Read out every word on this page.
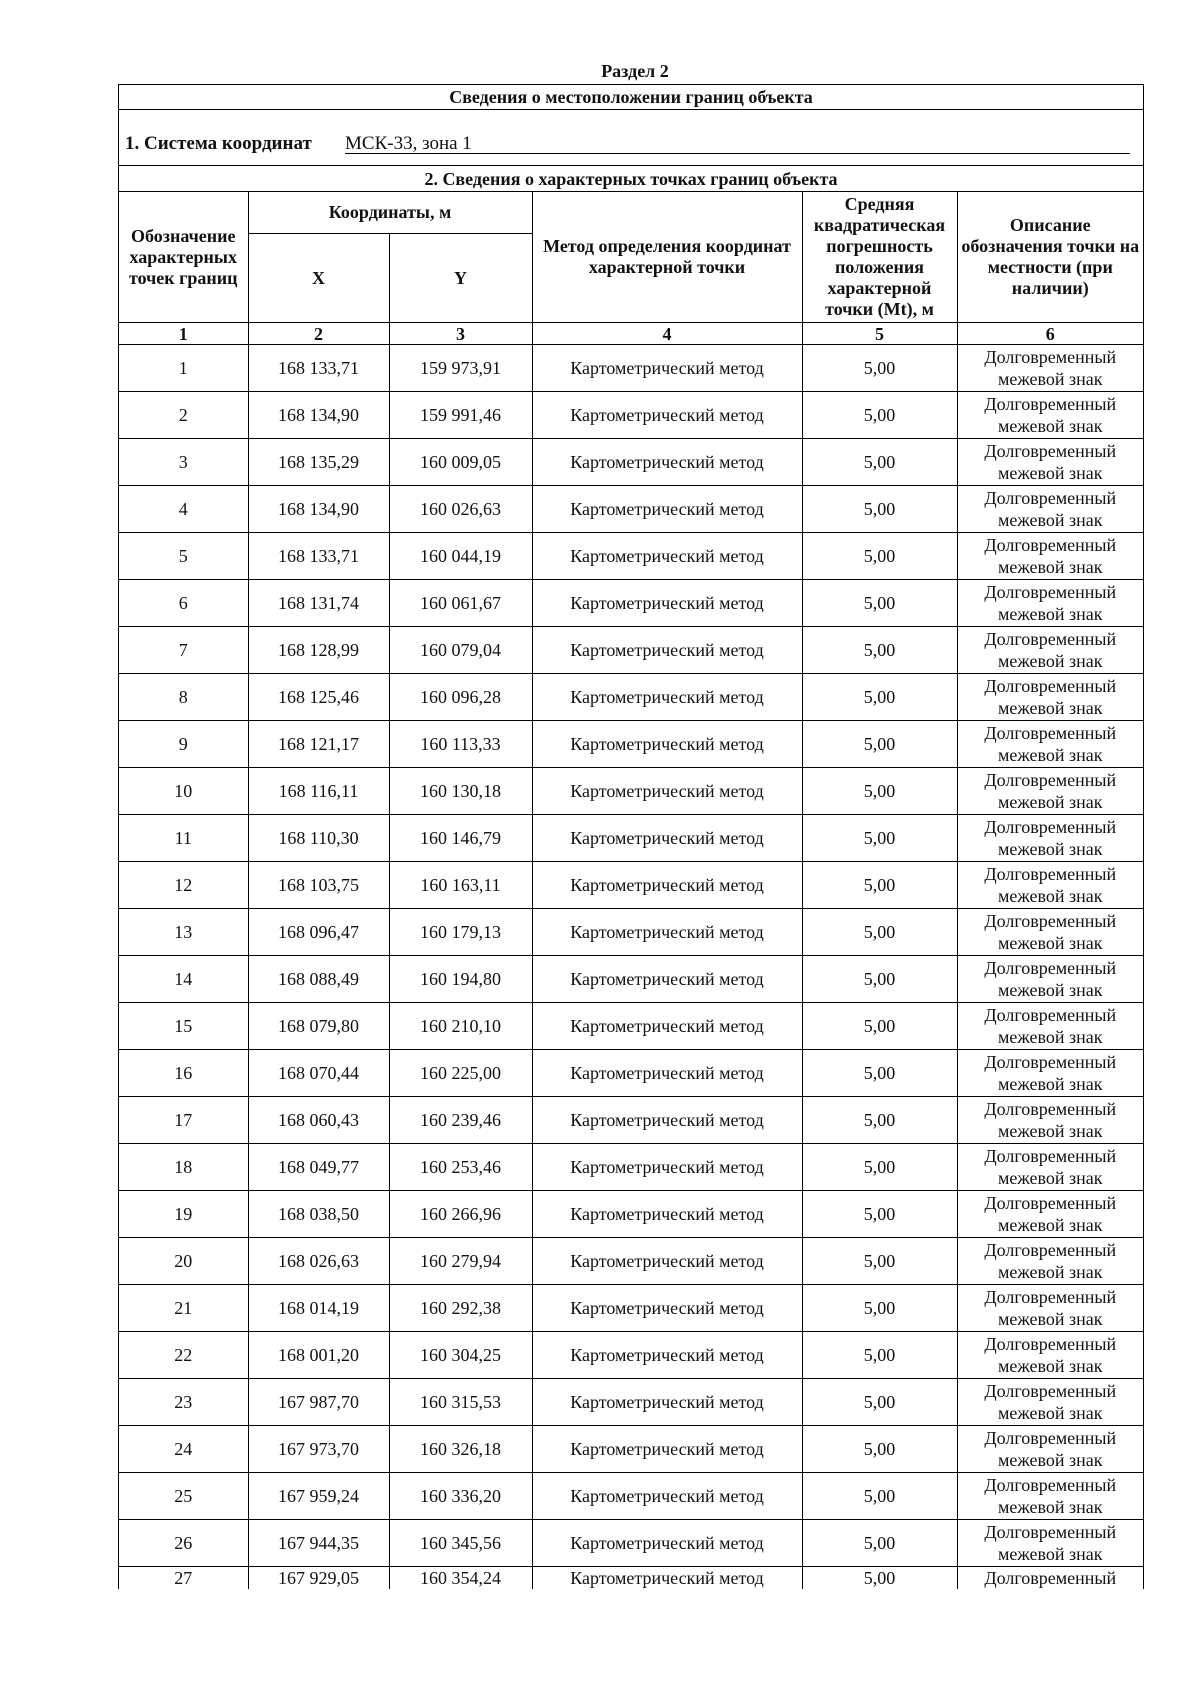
Раздел 2
Сведения о местоположении границ объекта
1. Система координат МСК-33, зона 1
2. Сведения о характерных точках границ объекта
Обозначение характерных точек границ	Координаты, м		Метод определения координат характерной точки	Средняя квадратическая погрешность положения характерной точки (Mt), м	Описание обозначения точки на местности (при наличии)
	X	Y			
1	2	3	4	5	6
1	168 133,71	159 973,91	Картометрический метод	5,00	Долговременный межевой знак
2	168 134,90	159 991,46	Картометрический метод	5,00	Долговременный межевой знак
3	168 135,29	160 009,05	Картометрический метод	5,00	Долговременный межевой знак
4	168 134,90	160 026,63	Картометрический метод	5,00	Долговременный межевой знак
5	168 133,71	160 044,19	Картометрический метод	5,00	Долговременный межевой знак
6	168 131,74	160 061,67	Картометрический метод	5,00	Долговременный межевой знак
7	168 128,99	160 079,04	Картометрический метод	5,00	Долговременный межевой знак
8	168 125,46	160 096,28	Картометрический метод	5,00	Долговременный межевой знак
9	168 121,17	160 113,33	Картометрический метод	5,00	Долговременный межевой знак
10	168 116,11	160 130,18	Картометрический метод	5,00	Долговременный межевой знак
11	168 110,30	160 146,79	Картометрический метод	5,00	Долговременный межевой знак
12	168 103,75	160 163,11	Картометрический метод	5,00	Долговременный межевой знак
13	168 096,47	160 179,13	Картометрический метод	5,00	Долговременный межевой знак
14	168 088,49	160 194,80	Картометрический метод	5,00	Долговременный межевой знак
15	168 079,80	160 210,10	Картометрический метод	5,00	Долговременный межевой знак
16	168 070,44	160 225,00	Картометрический метод	5,00	Долговременный межевой знак
17	168 060,43	160 239,46	Картометрический метод	5,00	Долговременный межевой знак
18	168 049,77	160 253,46	Картометрический метод	5,00	Долговременный межевой знак
19	168 038,50	160 266,96	Картометрический метод	5,00	Долговременный межевой знак
20	168 026,63	160 279,94	Картометрический метод	5,00	Долговременный межевой знак
21	168 014,19	160 292,38	Картометрический метод	5,00	Долговременный межевой знак
22	168 001,20	160 304,25	Картометрический метод	5,00	Долговременный межевой знак
23	167 987,70	160 315,53	Картометрический метод	5,00	Долговременный межевой знак
24	167 973,70	160 326,18	Картометрический метод	5,00	Долговременный межевой знак
25	167 959,24	160 336,20	Картометрический метод	5,00	Долговременный межевой знак
26	167 944,35	160 345,56	Картометрический метод	5,00	Долговременный межевой знак
27	167 929,05	160 354,24	Картометрический метод	5,00	Долговременный
